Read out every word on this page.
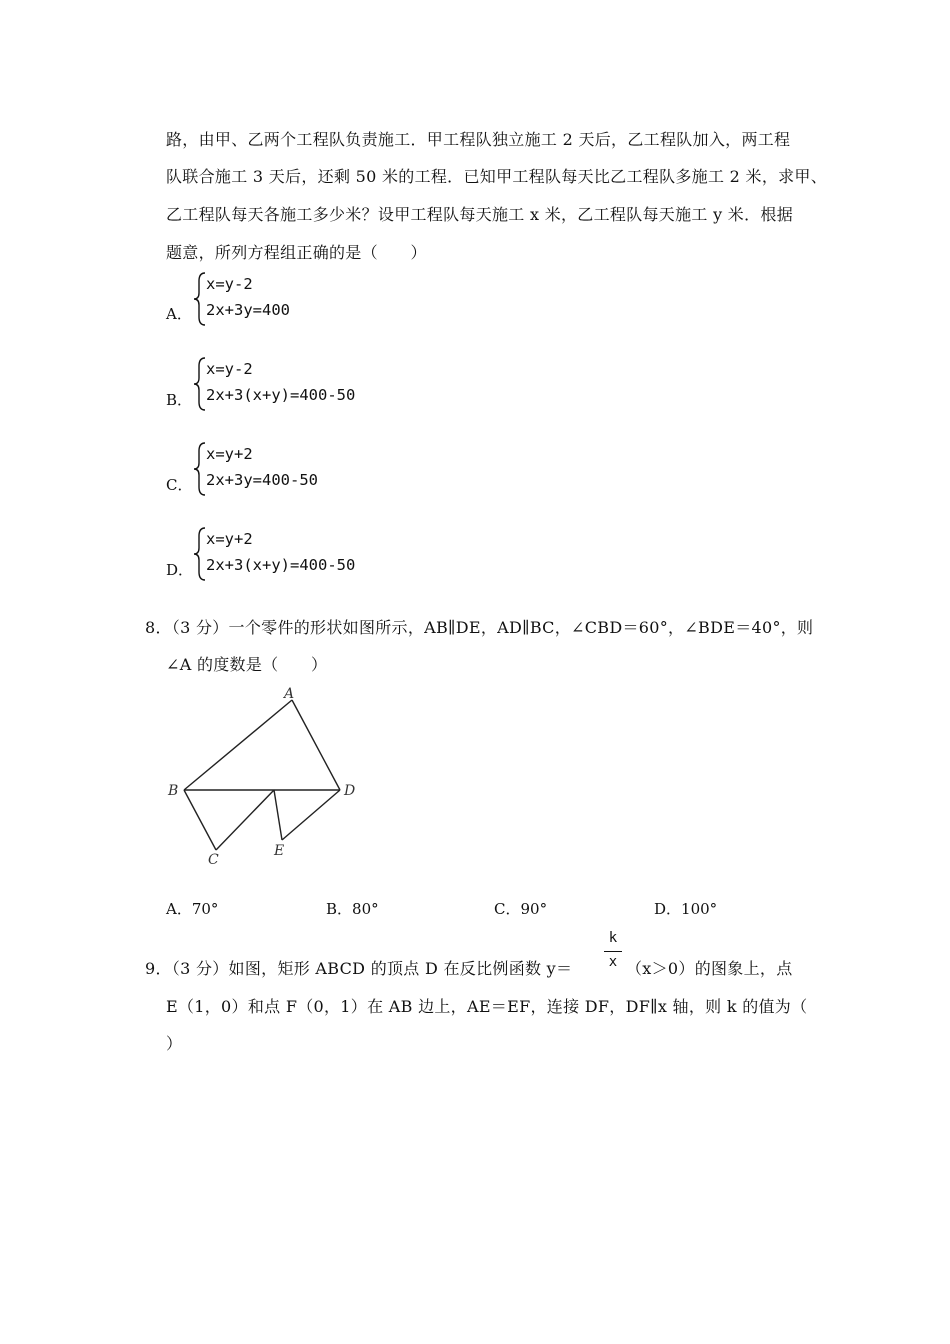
路，由甲、乙两个工程队负责施工．甲工程队独立施工 2 天后，乙工程队加入，两工程
队联合施工 3 天后，还剩 50 米的工程．已知甲工程队每天比乙工程队多施工 2 米，求甲、
乙工程队每天各施工多少米？设甲工程队每天施工 x 米，乙工程队每天施工 y 米．根据
题意，所列方程组正确的是（　　）
A．
x=y-2
2x+3y=400
B．
x=y-2
2x+3(x+y)=400-50
C．
x=y+2
2x+3y=400-50
D．
x=y+2
2x+3(x+y)=400-50
8．（3 分）一个零件的形状如图所示，AB∥DE，AD∥BC，∠CBD＝60°，∠BDE＝40°，则
∠A 的度数是（　　）
A
B
C
D
E
A．70°	B．80°	C．90°	D．100°
9．（3 分）如图，矩形 ABCD 的顶点 D 在反比例函数 y＝
k
x （x＞0）的图象上，点
E（1，0）和点 F（0，1）在 AB 边上，AE＝EF，连接 DF，DF∥x 轴，则 k 的值为（
）
